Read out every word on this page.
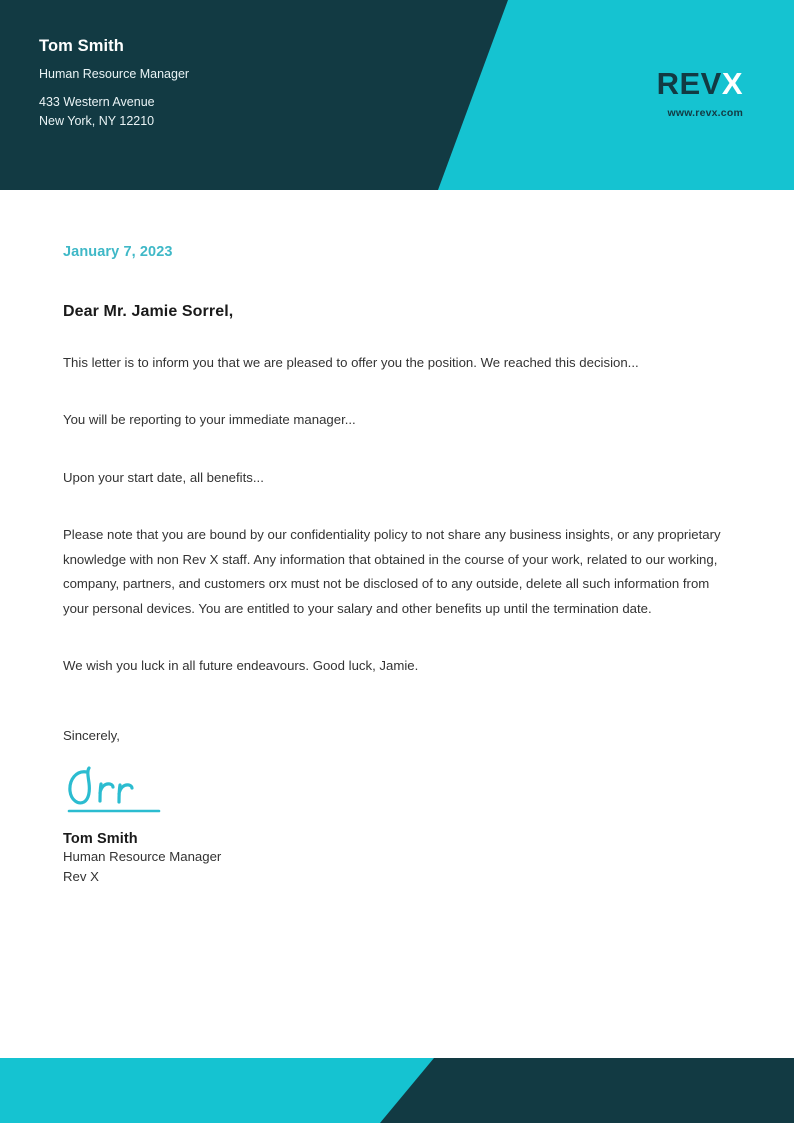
Tom Smith
Human Resource Manager
433 Western Avenue
New York, NY 12210
REVX
www.revx.com
January 7, 2023
Dear Mr. Jamie Sorrel,

This letter is to inform you that we are pleased to offer you the position. We reached this decision...

You will be reporting to your immediate manager...

Upon your start date, all benefits...

Please note that you are bound by our confidentiality policy to not share any business insights, or any proprietary knowledge with non Rev X staff. Any information that obtained in the course of your work, related to our working, company, partners, and customers orx must not be disclosed of to any outside, delete all such information from your personal devices. You are entitled to your salary and other benefits up until the termination date.

We wish you luck in all future endeavours. Good luck, Jamie.

Sincerely,
Tom Smith
Human Resource Manager
Rev X
